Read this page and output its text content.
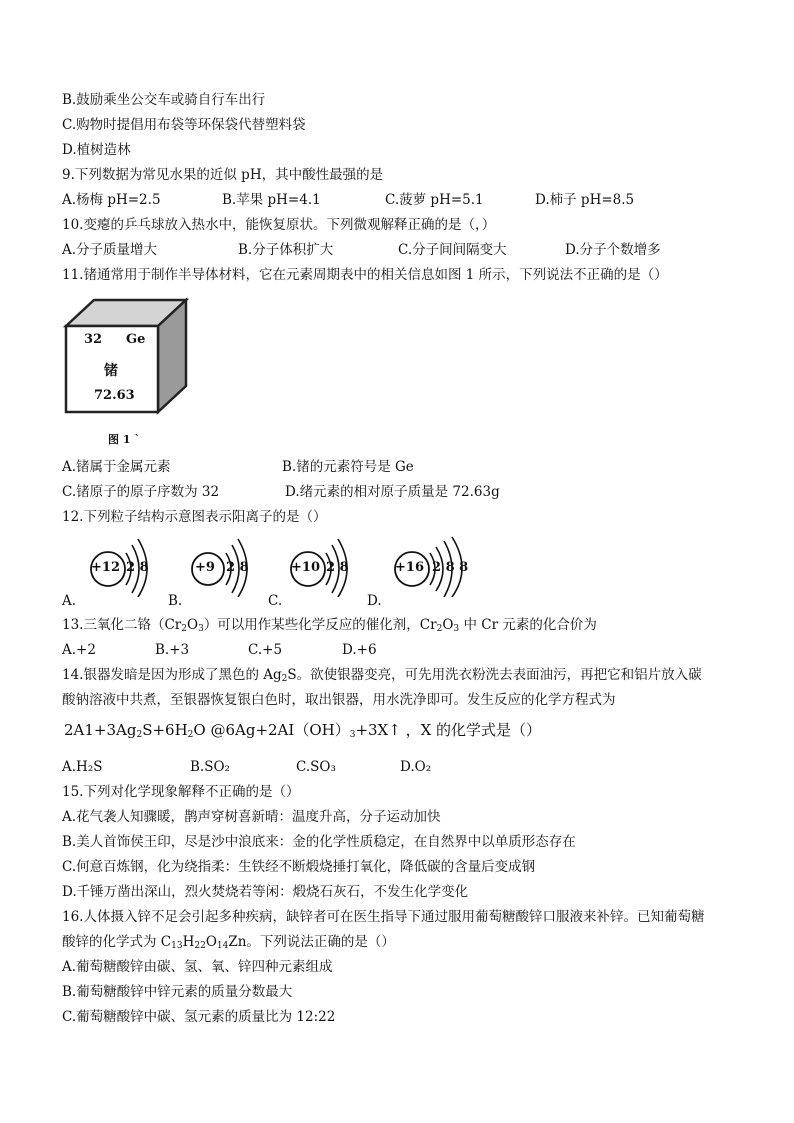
B.鼓励乘坐公交车或骑自行车出行
C.购物时提倡用布袋等环保袋代替塑料袋
D.植树造林
9.下列数据为常见水果的近似 pH，其中酸性最强的是
A.杨梅 pH=2.5	B.苹果 pH=4.1	C.菠萝 pH=5.1	D.柿子 pH=8.5
10.变瘪的乒乓球放入热水中，能恢复原状。下列微观解释正确的是（，）
A.分子质量增大	B.分子体积扩大	C.分子间间隔变大	D.分子个数增多
11.锗通常用于制作半导体材料，它在元素周期表中的相关信息如图 1 所示，下列说法不正确的是（）
32 Ge
锗
72.63
图 1 `
A.锗属于金属元素	B.锗的元素符号是 Ge
C.锗原子的原子序数为 32	D.绪元素的相对原子质量是 72.63g
12.下列粒子结构示意图表示阳离子的是（）
+12 2 8	+9 2 8	+10 2 8	+16 2 8 8
A.	B.	C.	D.
13.三氧化二铬$(Cr_2O_3)$可以用作某些化学反应的催化剂，$Cr_2O_3$ 中 Cr 元素的化合价为
A.+2	B.+3	C.+5	D.+6
14.银器发暗是因为形成了黑色的 $Ag_2S$。欲使银器变亮，可先用洗衣粉洗去表面油污，再把它和铝片放入碳
酸钠溶液中共煮，至银器恢复银白色时，取出银器，用水洗净即可。发生反应的化学方程式为
$2A1+3Ag_2S+6H_2O$ $@6Ag+2AI(OH)_3+3X↑$ ，X 的化学式是（）
A.H₂S	B.SO₂	C.SO₃	D.O₂
15.下列对化学现象解释不正确的是（）
A.花气袭人知骤暖，鹊声穿树喜新晴：温度升高，分子运动加快
B.美人首饰侯王印，尽是沙中浪底来：金的化学性质稳定，在自然界中以单质形态存在
C.何意百炼钢，化为绕指柔：生铁经不断煅烧捶打氧化，降低碳的含量后变成钢
D.千锤万凿出深山，烈火焚烧若等闲：煅烧石灰石，不发生化学变化
16.人体摄入锌不足会引起多种疾病，缺锌者可在医生指导下通过服用葡萄糖酸锌口服液来补锌。已知葡萄糖
酸锌的化学式为 $C_{13}H_{22}O_{14}Zn$。下列说法正确的是（）
A.葡萄糖酸锌由碳、氢、氧、锌四种元素组成
B.葡萄糖酸锌中锌元素的质量分数最大
C.葡萄糖酸锌中碳、氢元素的质量比为 12:22
